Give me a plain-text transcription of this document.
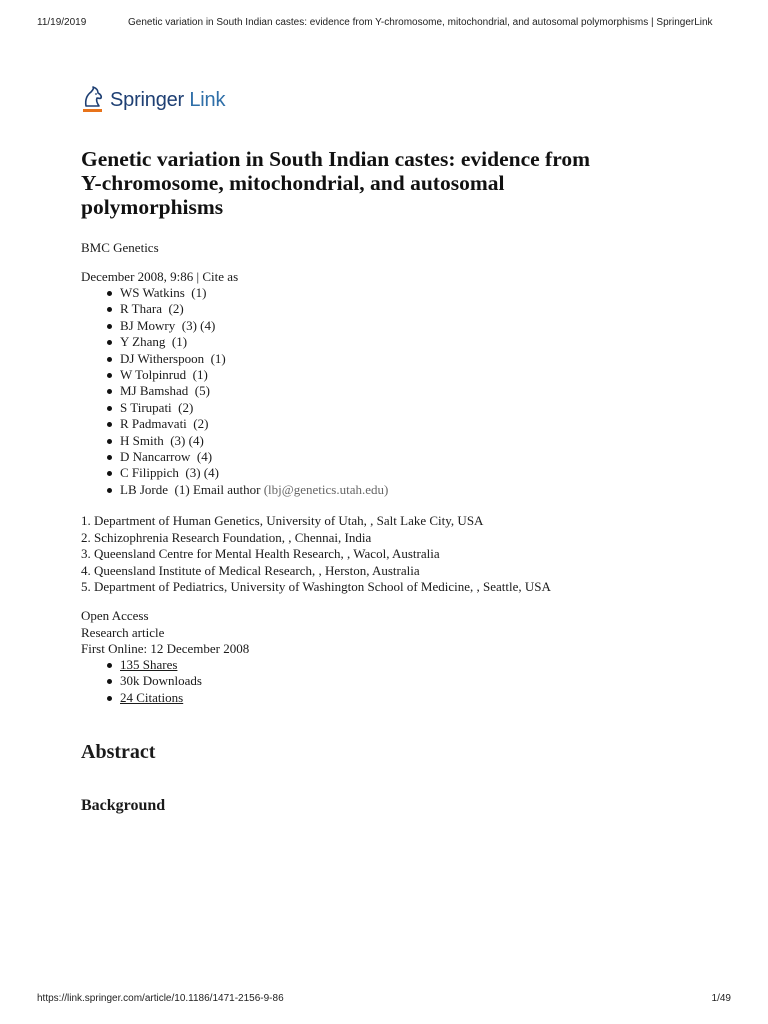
11/19/2019	Genetic variation in South Indian castes: evidence from Y-chromosome, mitochondrial, and autosomal polymorphisms | SpringerLink
Springer Link
Genetic variation in South Indian castes: evidence from Y-chromosome, mitochondrial, and autosomal polymorphisms
BMC Genetics
December 2008, 9:86 | Cite as
WS Watkins (1)
R Thara (2)
BJ Mowry (3) (4)
Y Zhang (1)
DJ Witherspoon (1)
W Tolpinrud (1)
MJ Bamshad (5)
S Tirupati (2)
R Padmavati (2)
H Smith (3) (4)
D Nancarrow (4)
C Filippich (3) (4)
LB Jorde (1) Email author (lbj@genetics.utah.edu)
1. Department of Human Genetics, University of Utah, , Salt Lake City, USA
2. Schizophrenia Research Foundation, , Chennai, India
3. Queensland Centre for Mental Health Research, , Wacol, Australia
4. Queensland Institute of Medical Research, , Herston, Australia
5. Department of Pediatrics, University of Washington School of Medicine, , Seattle, USA
Open Access
Research article
First Online: 12 December 2008
135 Shares
30k Downloads
24 Citations
Abstract
Background
https://link.springer.com/article/10.1186/1471-2156-9-86	1/49
